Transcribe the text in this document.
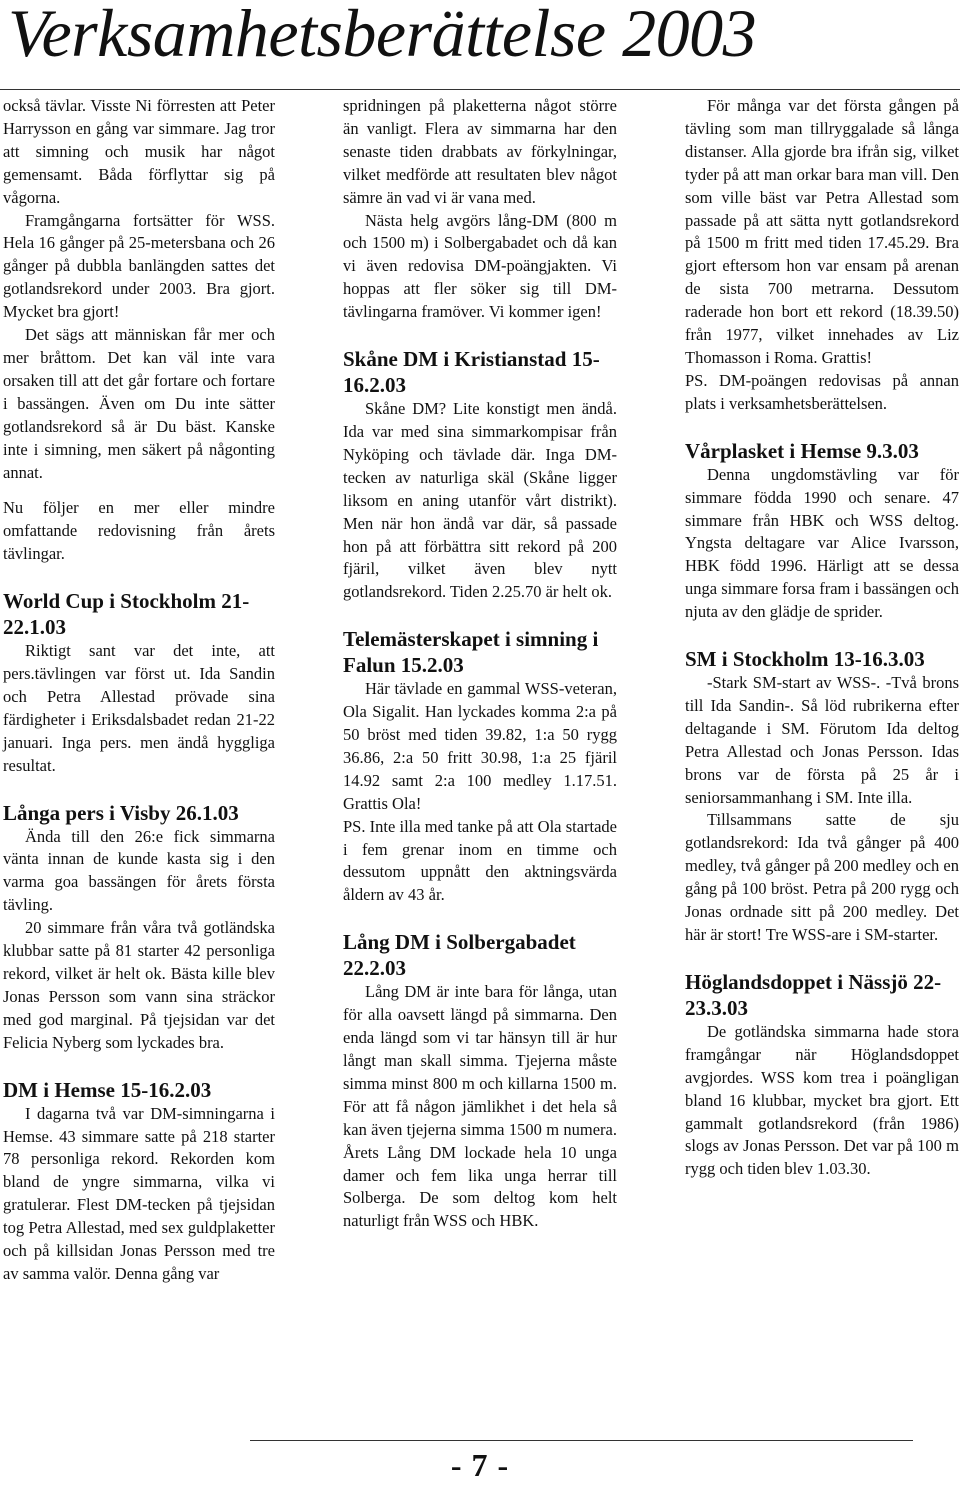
Verksamhetsberättelse 2003

också tävlar. Visste Ni förresten att Peter Harrysson en gång var simmare. Jag tror att simning och musik har något gemensamt. Båda förflyttar sig på vågorna.

Framgångarna fortsätter för WSS. Hela 16 gånger på 25-metersbana och 26 gånger på dubbla banlängden sattes det gotlandsrekord under 2003. Bra gjort. Mycket bra gjort!

Det sägs att människan får mer och mer bråttom. Det kan väl inte vara orsaken till att det går fortare och fortare i bassängen. Även om Du inte sätter gotlandsrekord så är Du bäst. Kanske inte i simning, men säkert på någonting annat.

Nu följer en mer eller mindre omfattande redovisning från årets tävlingar.

World Cup i Stockholm 21-22.1.03

Riktigt sant var det inte, att pers.tävlingen var först ut. Ida Sandin och Petra Allestad prövade sina färdigheter i Eriksdalsbadet redan 21-22 januari. Inga pers. men ändå hyggliga resultat.

Långa pers i Visby 26.1.03

Ända till den 26:e fick simmarna vänta innan de kunde kasta sig i den varma goa bassängen för årets första tävling.

20 simmare från våra två gotländska klubbar satte på 81 starter 42 personliga rekord, vilket är helt ok. Bästa kille blev Jonas Persson som vann sina sträckor med god marginal. På tjejsidan var det Felicia Nyberg som lyckades bra.

DM i Hemse 15-16.2.03

I dagarna två var DM-simningarna i Hemse. 43 simmare satte på 218 starter 78 personliga rekord. Rekorden kom bland de yngre simmarna, vilka vi gratulerar. Flest DM-tecken på tjejsidan tog Petra Allestad, med sex guldplaketter och på killsidan Jonas Persson med tre av samma valör. Denna gång var

spridningen på plaketterna något större än vanligt. Flera av simmarna har den senaste tiden drabbats av förkylningar, vilket medförde att resultaten blev något sämre än vad vi är vana med.

Nästa helg avgörs lång-DM (800 m och 1500 m) i Solbergabadet och då kan vi även redovisa DM-poängjakten. Vi hoppas att fler söker sig till DM-tävlingarna framöver. Vi kommer igen!

Skåne DM i Kristianstad 15-16.2.03

Skåne DM? Lite konstigt men ändå. Ida var med sina simmarkompisar från Nyköping och tävlade där. Inga DM-tecken av naturliga skäl (Skåne ligger liksom en aning utanför vårt distrikt). Men när hon ändå var där, så passade hon på att förbättra sitt rekord på 200 fjäril, vilket även blev nytt gotlandsrekord. Tiden 2.25.70 är helt ok.

Telemästerskapet i simning i Falun 15.2.03

Här tävlade en gammal WSS-veteran, Ola Sigalit. Han lyckades komma 2:a på 50 bröst med tiden 39.82, 1:a 50 rygg 36.86, 2:a 50 fritt 30.98, 1:a 25 fjäril 14.92 samt 2:a 100 medley 1.17.51. Grattis Ola!

PS. Inte illa med tanke på att Ola startade i fem grenar inom en timme och dessutom uppnått den aktningsvärda åldern av 43 år.

Lång DM i Solbergabadet 22.2.03

Lång DM är inte bara för långa, utan för alla oavsett längd på simmarna. Den enda längd som vi tar hänsyn till är hur långt man skall simma. Tjejerna måste simma minst 800 m och killarna 1500 m. För att få någon jämlikhet i det hela så kan även tjejerna simma 1500 m numera. Årets Lång DM lockade hela 10 unga damer och fem lika unga herrar till Solberga. De som deltog kom helt naturligt från WSS och HBK.

För många var det första gången på tävling som man tillryggalade så långa distanser. Alla gjorde bra ifrån sig, vilket tyder på att man orkar bara man vill. Den som ville bäst var Petra Allestad som passade på att sätta nytt gotlandsrekord på 1500 m fritt med tiden 17.45.29. Bra gjort eftersom hon var ensam på arenan de sista 700 metrarna. Dessutom raderade hon bort ett rekord (18.39.50) från 1977, vilket innehades av Liz Thomasson i Roma. Grattis!

PS. DM-poängen redovisas på annan plats i verksamhetsberättelsen.

Vårplasket i Hemse 9.3.03

Denna ungdomstävling var för simmare födda 1990 och senare. 47 simmare från HBK och WSS deltog. Yngsta deltagare var Alice Ivarsson, HBK född 1996. Härligt att se dessa unga simmare forsa fram i bassängen och njuta av den glädje de sprider.

SM i Stockholm 13-16.3.03

-Stark SM-start av WSS-. -Två brons till Ida Sandin-. Så löd rubrikerna efter deltagande i SM. Förutom Ida deltog Petra Allestad och Jonas Persson. Idas brons var de första på 25 år i seniorsammanhang i SM. Inte illa.

Tillsammans satte de sju gotlandsrekord: Ida två gånger på 400 medley, två gånger på 200 medley och en gång på 100 bröst. Petra på 200 rygg och Jonas ordnade sitt på 200 medley. Det här är stort! Tre WSS-are i SM-starter.

Höglandsdoppet i Nässjö 22-23.3.03

De gotländska simmarna hade stora framgångar när Höglandsdoppet avgjordes. WSS kom trea i poängligan bland 16 klubbar, mycket bra gjort. Ett gammalt gotlandsrekord (från 1986) slogs av Jonas Persson. Det var på 100 m rygg och tiden blev 1.03.30.

- 7 -
